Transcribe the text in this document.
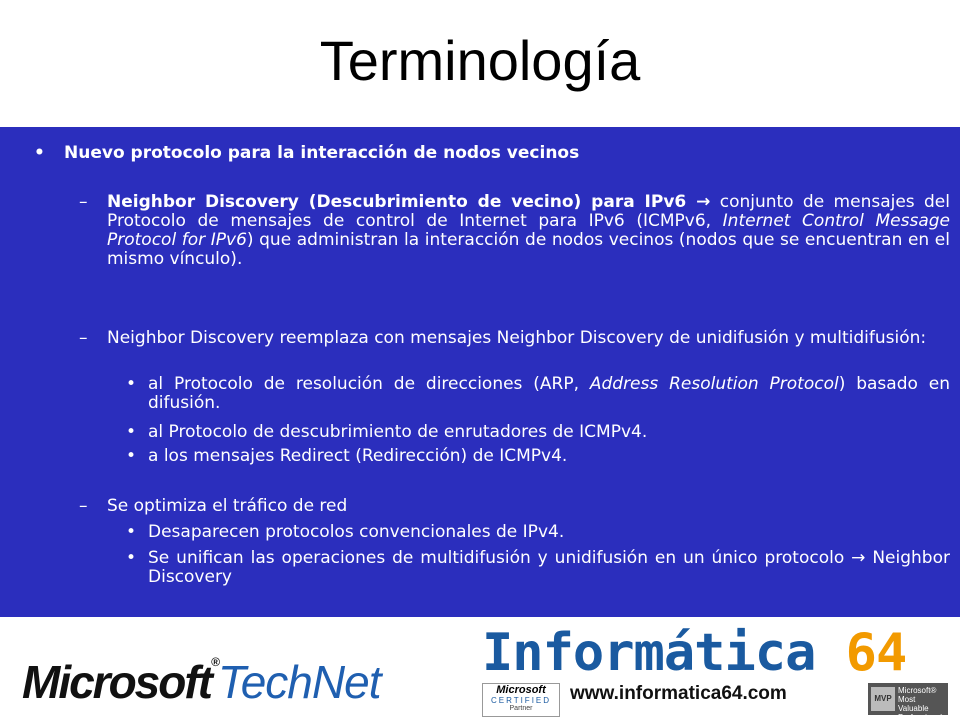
Terminología
• Nuevo protocolo para la interacción de nodos vecinos
– Neighbor Discovery (Descubrimiento de vecino) para IPv6 → conjunto de mensajes del Protocolo de mensajes de control de Internet para IPv6 (ICMPv6, Internet Control Message Protocol for IPv6) que administran la interacción de nodos vecinos (nodos que se encuentran en el mismo vínculo).
– Neighbor Discovery reemplaza con mensajes Neighbor Discovery de unidifusión y multidifusión:
• al Protocolo de resolución de direcciones (ARP, Address Resolution Protocol) basado en difusión.
• al Protocolo de descubrimiento de enrutadores de ICMPv4.
• a los mensajes Redirect (Redirección) de ICMPv4.
– Se optimiza el tráfico de red
• Desaparecen protocolos convencionales de IPv4.
• Se unifican las operaciones de multidifusión y unidifusión en un único protocolo → Neighbor Discovery
Microsoft®TechNet Informática 64
Microsoft
CERTIFIED
Partner
www.informatica64.com	MVP
Microsoft®
Most Valuable
Professional
